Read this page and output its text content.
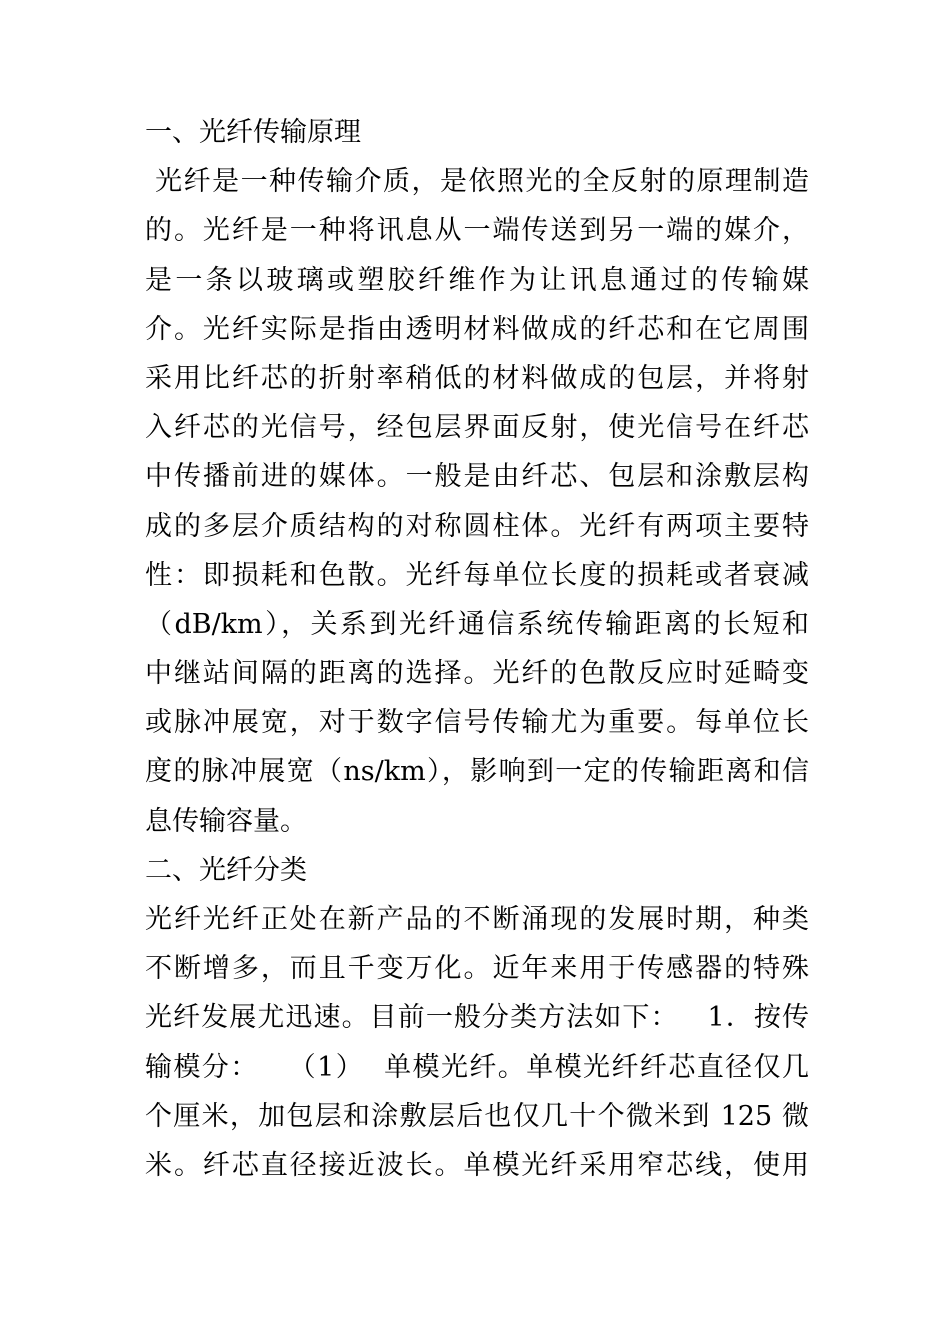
一、光纤传输原理
光纤是一种传输介质，是依照光的全反射的原理制造
的。光纤是一种将讯息从一端传送到另一端的媒介，
是一条以玻璃或塑胶纤维作为让讯息通过的传输媒
介。光纤实际是指由透明材料做成的纤芯和在它周围
采用比纤芯的折射率稍低的材料做成的包层，并将射
入纤芯的光信号，经包层界面反射，使光信号在纤芯
中传播前进的媒体。一般是由纤芯、包层和涂敷层构
成的多层介质结构的对称圆柱体。光纤有两项主要特
性：即损耗和色散。光纤每单位长度的损耗或者衰减
（dB/km），关系到光纤通信系统传输距离的长短和
中继站间隔的距离的选择。光纤的色散反应时延畸变
或脉冲展宽，对于数字信号传输尤为重要。每单位长
度的脉冲展宽（ns/km），影响到一定的传输距离和信
息传输容量。
二、光纤分类
光纤光纤正处在新产品的不断涌现的发展时期，种类
不断增多，而且千变万化。近年来用于传感器的特殊
光纤发展尤迅速。目前一般分类方法如下：   1．按传
输模分：   （1）  单模光纤。单模光纤纤芯直径仅几
个厘米，加包层和涂敷层后也仅几十个微米到 125 微
米。纤芯直径接近波长。单模光纤采用窄芯线，使用
